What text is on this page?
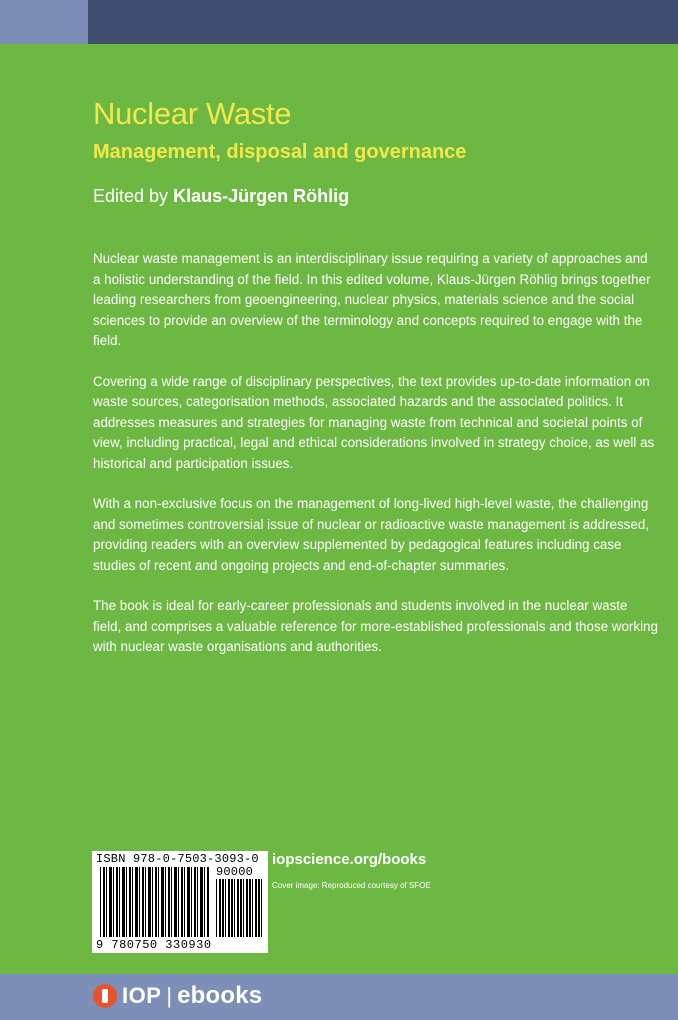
Nuclear Waste
Management, disposal and governance
Edited by Klaus-Jürgen Röhlig

Nuclear waste management is an interdisciplinary issue requiring a variety of approaches and a holistic understanding of the field. In this edited volume, Klaus-Jürgen Röhlig brings together leading researchers from geoengineering, nuclear physics, materials science and the social sciences to provide an overview of the terminology and concepts required to engage with the field.

Covering a wide range of disciplinary perspectives, the text provides up-to-date information on waste sources, categorisation methods, associated hazards and the associated politics. It addresses measures and strategies for managing waste from technical and societal points of view, including practical, legal and ethical considerations involved in strategy choice, as well as historical and participation issues.

With a non-exclusive focus on the management of long-lived high-level waste, the challenging and sometimes controversial issue of nuclear or radioactive waste management is addressed, providing readers with an overview supplemented by pedagogical features including case studies of recent and ongoing projects and end-of-chapter summaries.

The book is ideal for early-career professionals and students involved in the nuclear waste field, and comprises a valuable reference for more-established professionals and those working with nuclear waste organisations and authorities.

ISBN 978-0-7503-3093-0
90000
9 780750 330930
iopscience.org/books
Cover image: Reproduced courtesy of SFOE
IOP | ebooks
